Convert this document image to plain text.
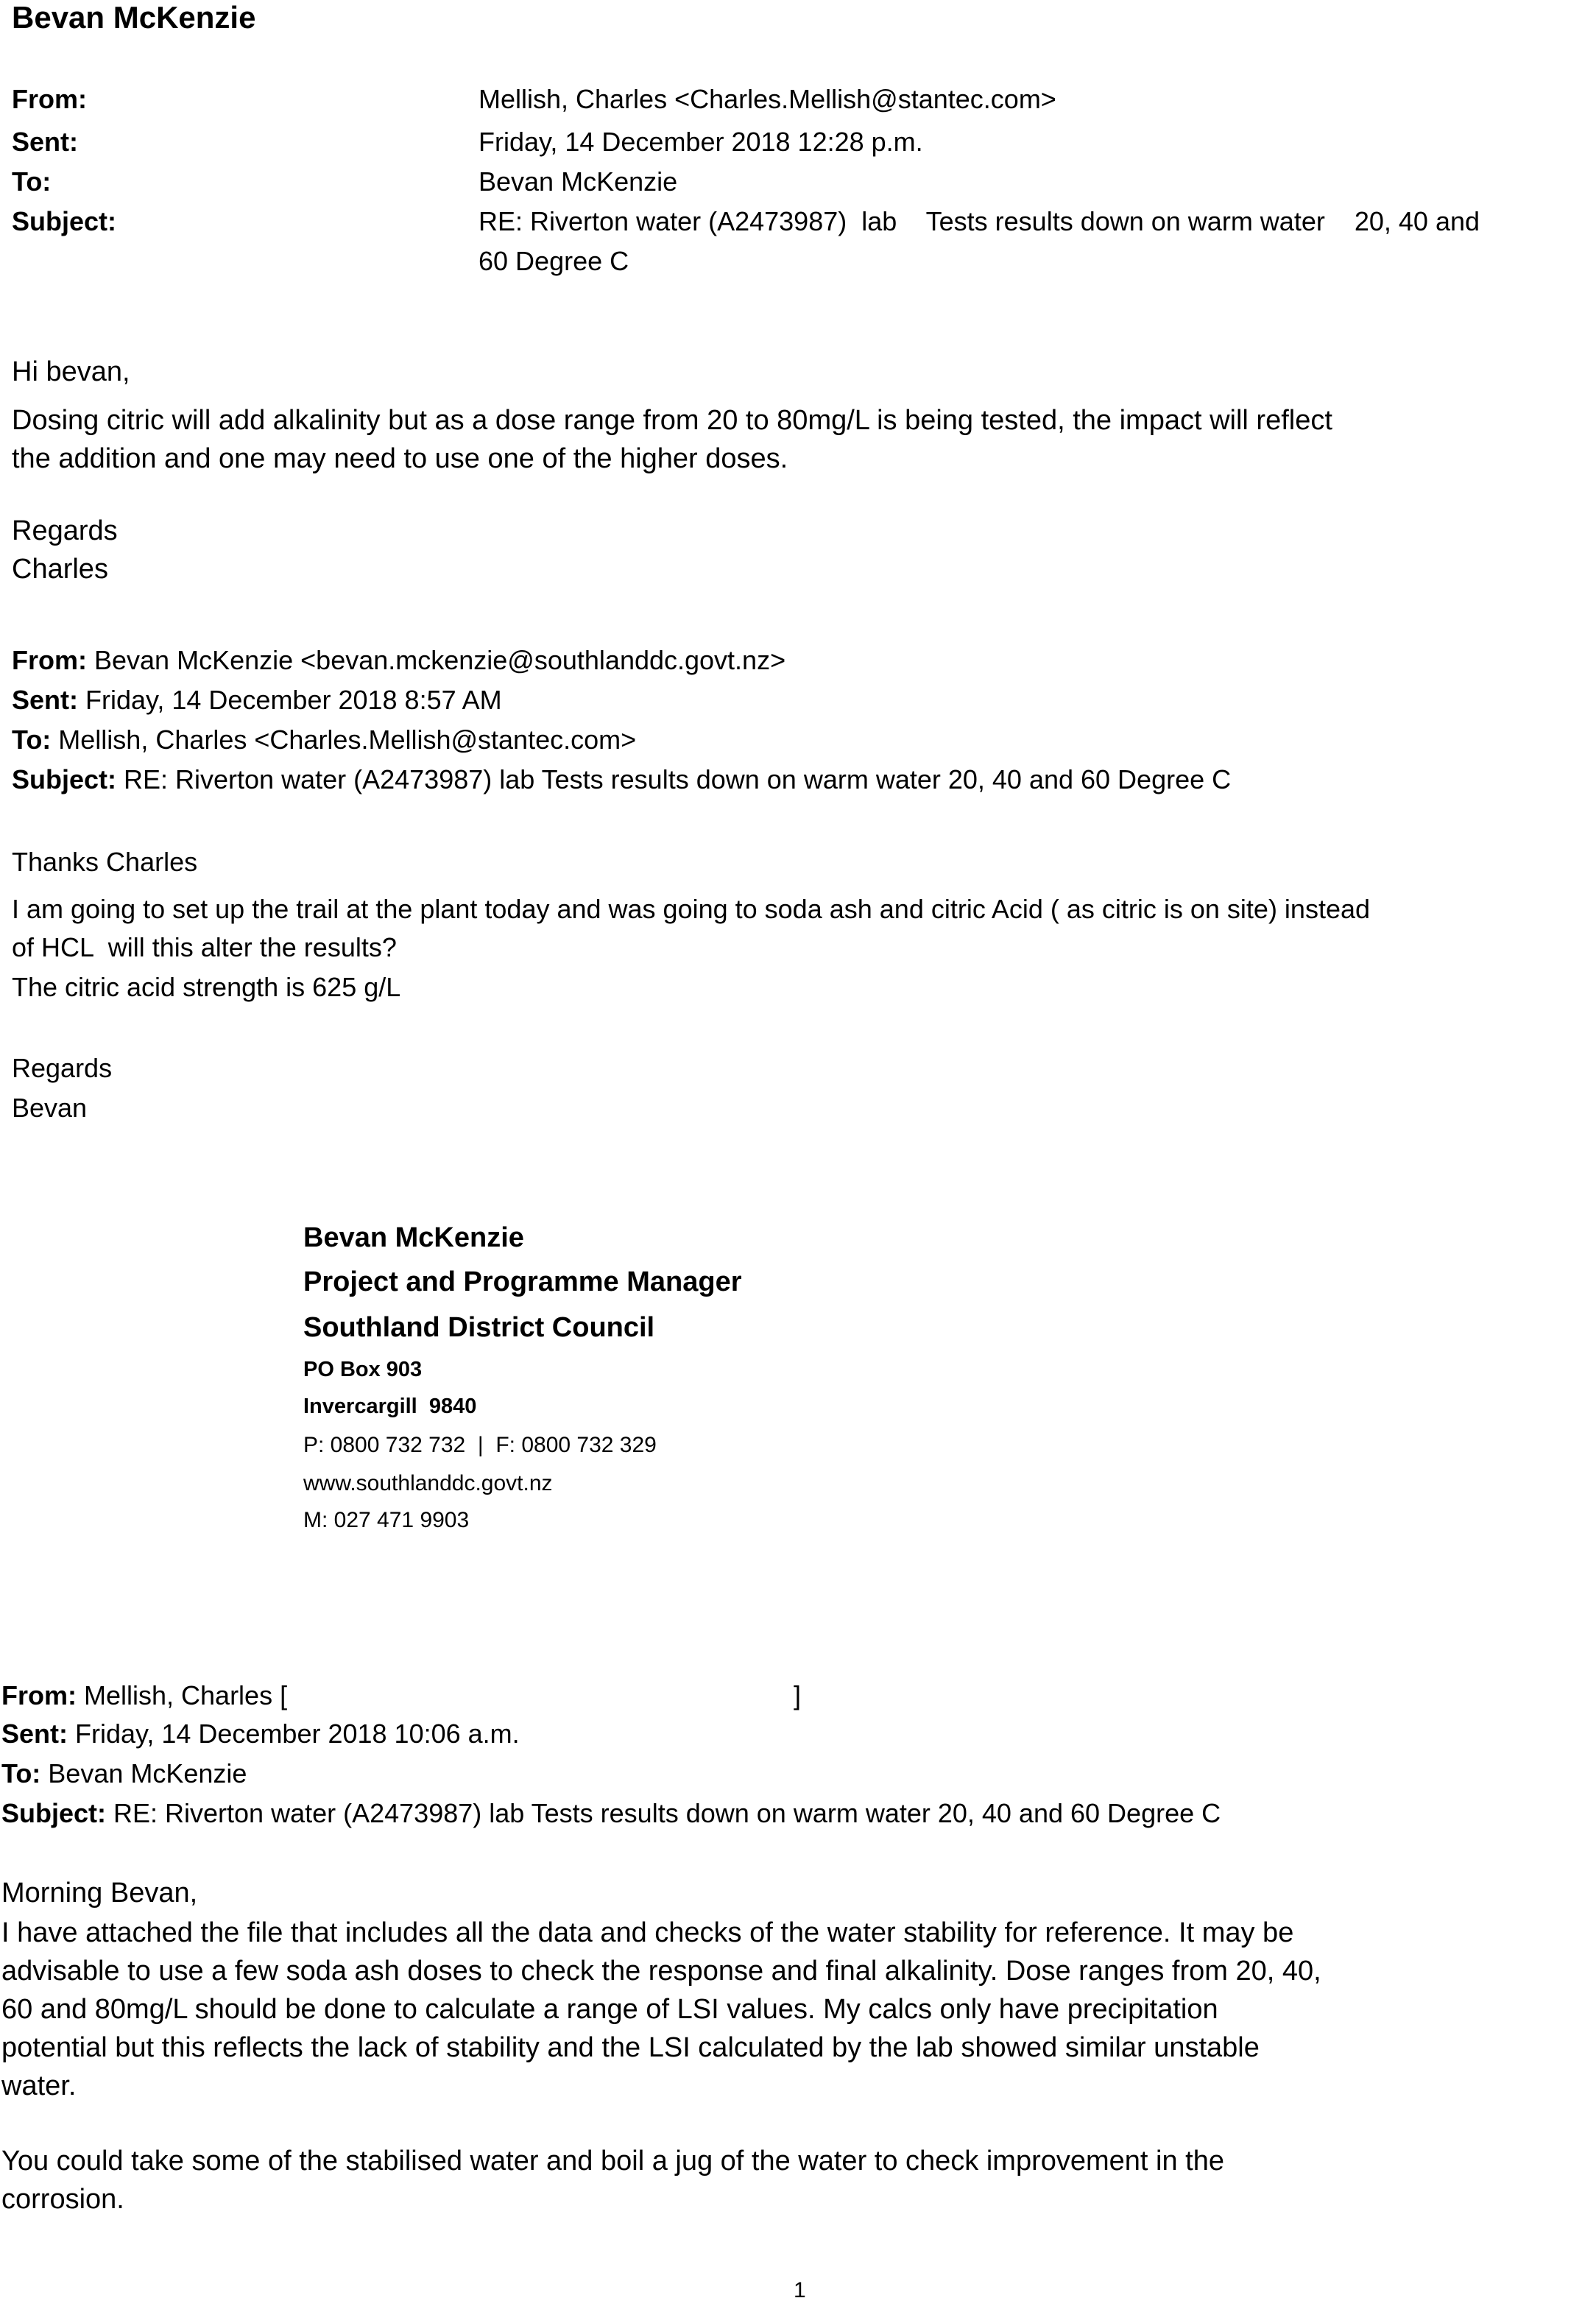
Bevan McKenzie
From:	Mellish, Charles <Charles.Mellish@stantec.com>
Sent:	Friday, 14 December 2018 12:28 p.m.
To:	Bevan McKenzie
Subject:	RE: Riverton water (A2473987)  lab    Tests results down on warm water    20, 40 and
60 Degree C
Hi bevan,
Dosing citric will add alkalinity but as a dose range from 20 to 80mg/L is being tested, the impact will reflect
the addition and one may need to use one of the higher doses.
Regards
Charles
From: Bevan McKenzie <bevan.mckenzie@southlanddc.govt.nz>
Sent: Friday, 14 December 2018 8:57 AM
To: Mellish, Charles <Charles.Mellish@stantec.com>
Subject: RE: Riverton water (A2473987) lab Tests results down on warm water 20, 40 and 60 Degree C
Thanks Charles
I am going to set up the trail at the plant today and was going to soda ash and citric Acid ( as citric is on site) instead
of HCL  will this alter the results?
The citric acid strength is 625 g/L
Regards
Bevan
Bevan McKenzie
Project and Programme Manager
Southland District Council
PO Box 903
Invercargill  9840
P: 0800 732 732  |  F: 0800 732 329
www.southlanddc.govt.nz
M: 027 471 9903
From: Mellish, Charles [	]
Sent: Friday, 14 December 2018 10:06 a.m.
To: Bevan McKenzie
Subject: RE: Riverton water (A2473987) lab Tests results down on warm water 20, 40 and 60 Degree C
Morning Bevan,
I have attached the file that includes all the data and checks of the water stability for reference. It may be
advisable to use a few soda ash doses to check the response and final alkalinity. Dose ranges from 20, 40,
60 and 80mg/L should be done to calculate a range of LSI values. My calcs only have precipitation
potential but this reflects the lack of stability and the LSI calculated by the lab showed similar unstable
water.
You could take some of the stabilised water and boil a jug of the water to check improvement in the
corrosion.
1
